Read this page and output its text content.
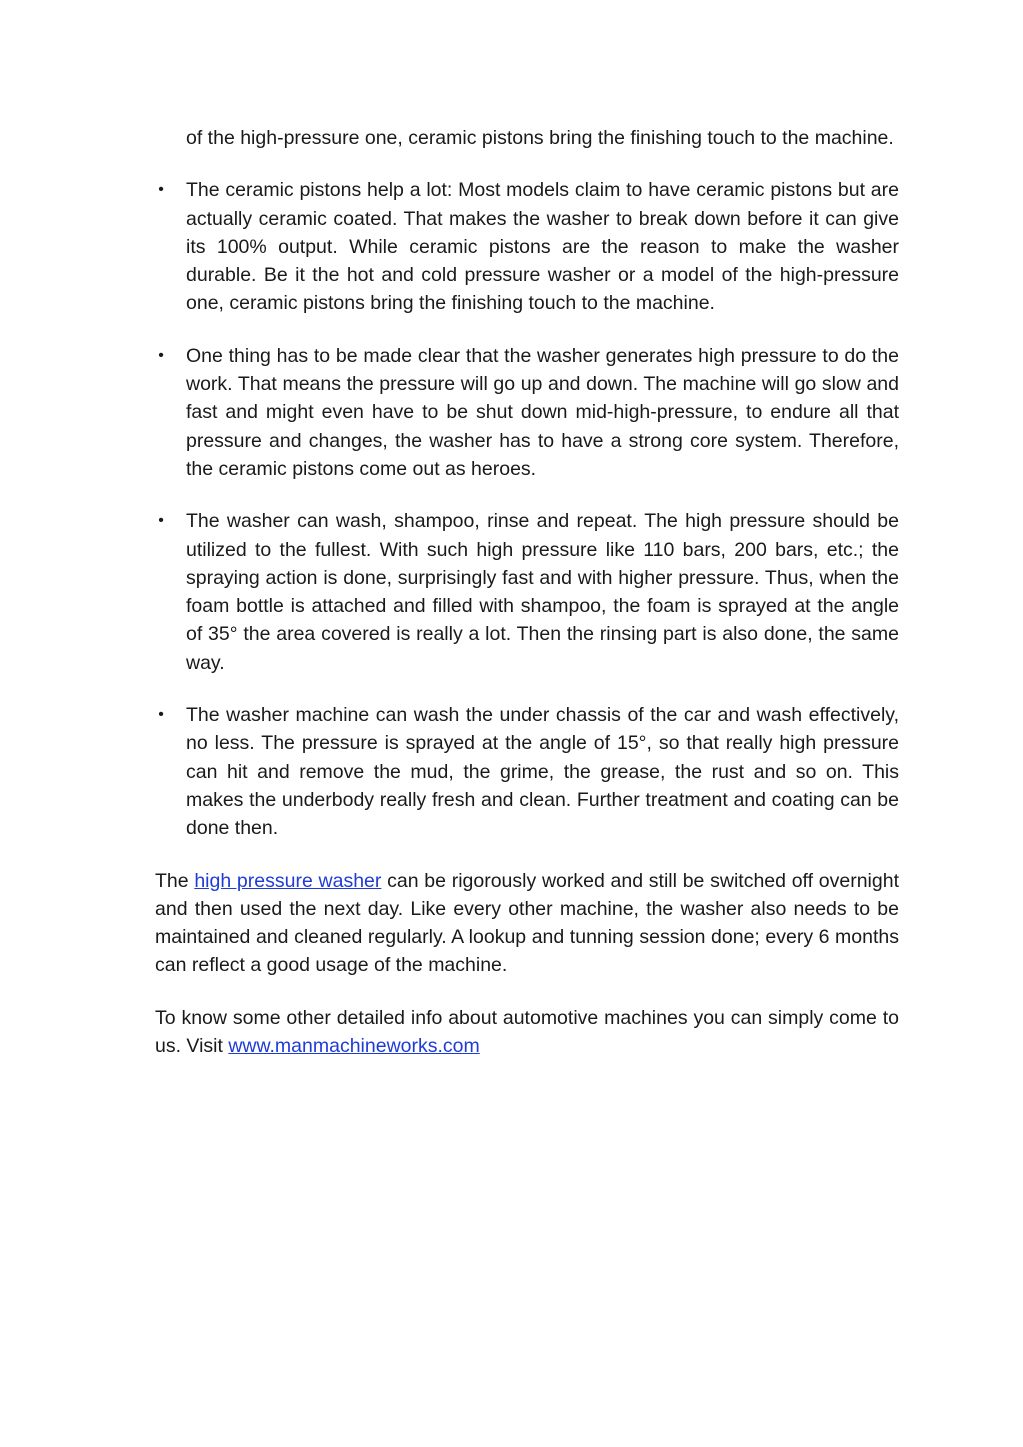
of the high-pressure one, ceramic pistons bring the finishing touch to the machine.

• The ceramic pistons help a lot: Most models claim to have ceramic pistons but are actually ceramic coated. That makes the washer to break down before it can give its 100% output. While ceramic pistons are the reason to make the washer durable. Be it the hot and cold pressure washer or a model of the high-pressure one, ceramic pistons bring the finishing touch to the machine.
• One thing has to be made clear that the washer generates high pressure to do the work. That means the pressure will go up and down. The machine will go slow and fast and might even have to be shut down mid-high-pressure, to endure all that pressure and changes, the washer has to have a strong core system. Therefore, the ceramic pistons come out as heroes.
• The washer can wash, shampoo, rinse and repeat. The high pressure should be utilized to the fullest. With such high pressure like 110 bars, 200 bars, etc.; the spraying action is done, surprisingly fast and with higher pressure. Thus, when the foam bottle is attached and filled with shampoo, the foam is sprayed at the angle of 35° the area covered is really a lot. Then the rinsing part is also done, the same way.
• The washer machine can wash the under chassis of the car and wash effectively, no less. The pressure is sprayed at the angle of 15°, so that really high pressure can hit and remove the mud, the grime, the grease, the rust and so on. This makes the underbody really fresh and clean. Further treatment and coating can be done then.

The high pressure washer can be rigorously worked and still be switched off overnight and then used the next day. Like every other machine, the washer also needs to be maintained and cleaned regularly. A lookup and tunning session done; every 6 months can reflect a good usage of the machine.

To know some other detailed info about automotive machines you can simply come to us. Visit www.manmachineworks.com
